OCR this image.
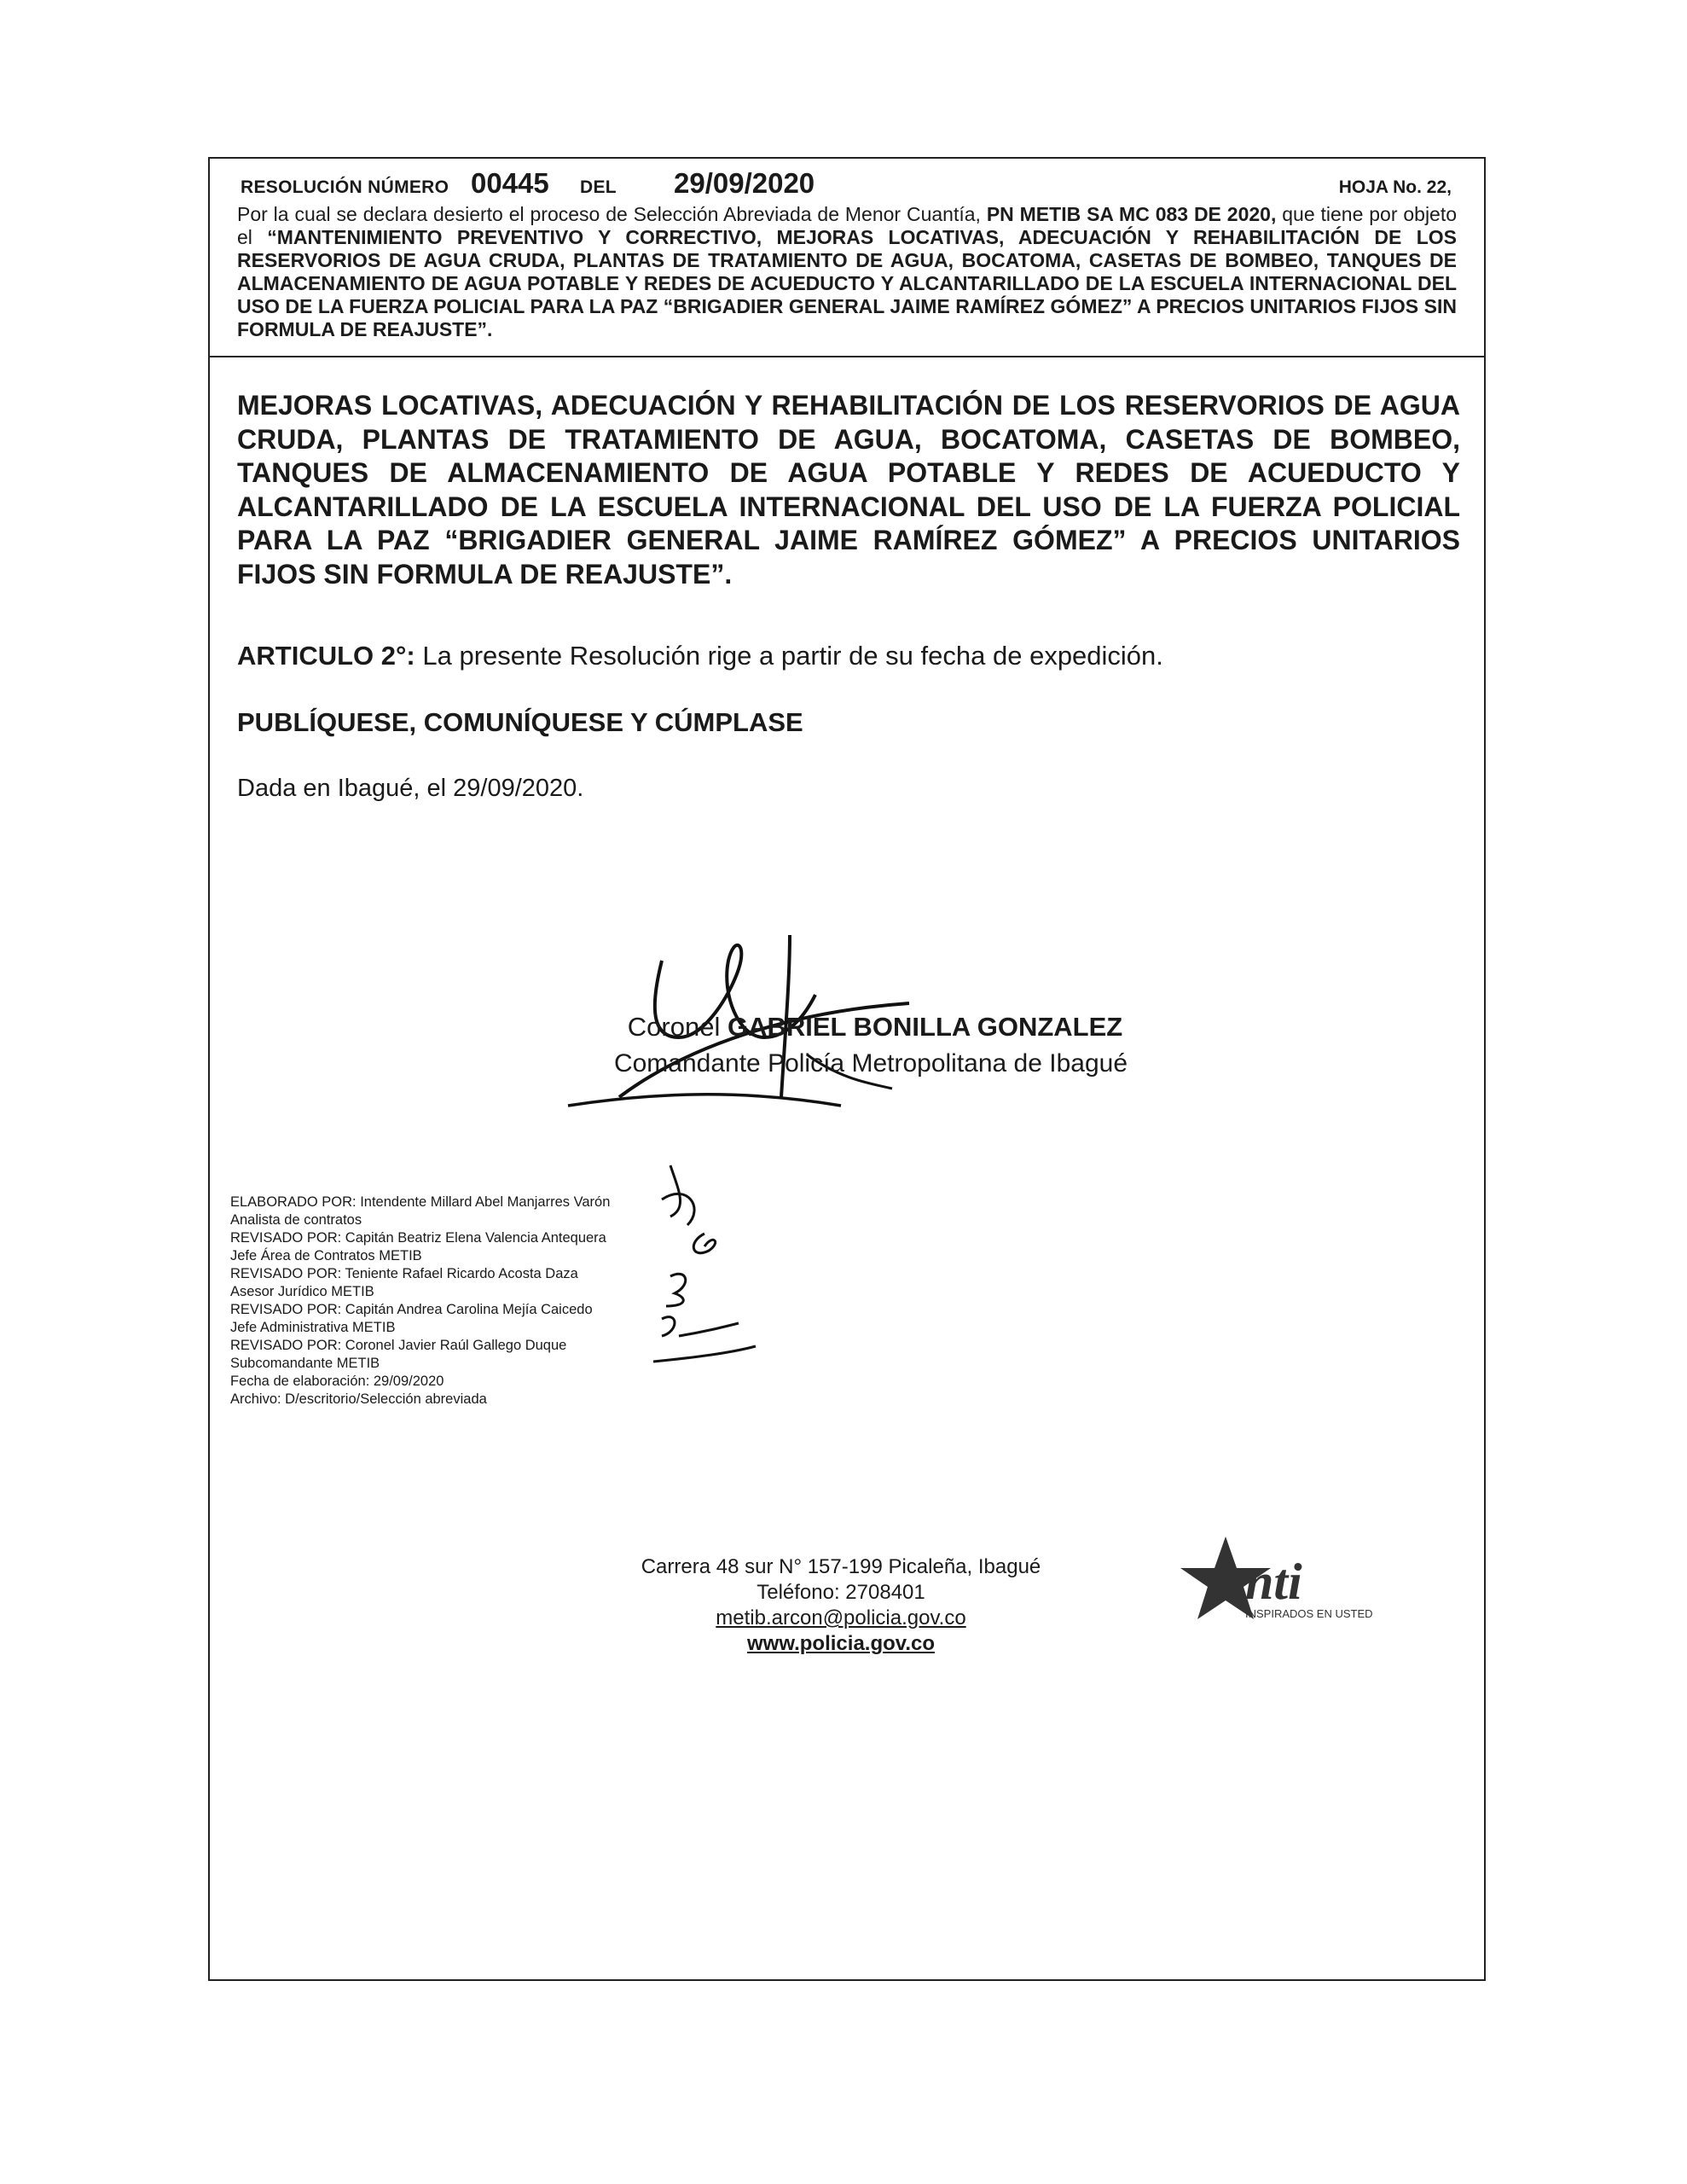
RESOLUCIÓN NÚMERO 00445 DEL 29/09/2020	HOJA No. 22,
Por la cual se declara desierto el proceso de Selección Abreviada de Menor Cuantía, PN METIB SA MC 083 DE 2020, que tiene por objeto el “MANTENIMIENTO PREVENTIVO Y CORRECTIVO, MEJORAS LOCATIVAS, ADECUACIÓN Y REHABILITACIÓN DE LOS RESERVORIOS DE AGUA CRUDA, PLANTAS DE TRATAMIENTO DE AGUA, BOCATOMA, CASETAS DE BOMBEO, TANQUES DE ALMACENAMIENTO DE AGUA POTABLE Y REDES DE ACUEDUCTO Y ALCANTARILLADO DE LA ESCUELA INTERNACIONAL DEL USO DE LA FUERZA POLICIAL PARA LA PAZ “BRIGADIER GENERAL JAIME RAMÍREZ GÓMEZ” A PRECIOS UNITARIOS FIJOS SIN FORMULA DE REAJUSTE”.
MEJORAS LOCATIVAS, ADECUACIÓN Y REHABILITACIÓN DE LOS RESERVORIOS DE AGUA CRUDA, PLANTAS DE TRATAMIENTO DE AGUA, BOCATOMA, CASETAS DE BOMBEO, TANQUES DE ALMACENAMIENTO DE AGUA POTABLE Y REDES DE ACUEDUCTO Y ALCANTARILLADO DE LA ESCUELA INTERNACIONAL DEL USO DE LA FUERZA POLICIAL PARA LA PAZ “BRIGADIER GENERAL JAIME RAMÍREZ GÓMEZ” A PRECIOS UNITARIOS FIJOS SIN FORMULA DE REAJUSTE”.
ARTICULO 2°: La presente Resolución rige a partir de su fecha de expedición.
PUBLÍQUESE, COMUNÍQUESE Y CÚMPLASE
Dada en Ibagué, el 29/09/2020.
Coronel GABRIEL BONILLA GONZALEZ
Comandante Policía Metropolitana de Ibagué
ELABORADO POR: Intendente Millard Abel Manjarres Varón
Analista de contratos
REVISADO POR: Capitán Beatriz Elena Valencia Antequera
Jefe Área de Contratos METIB
REVISADO POR: Teniente Rafael Ricardo Acosta Daza
Asesor Jurídico METIB
REVISADO POR: Capitán Andrea Carolina Mejía Caicedo
Jefe Administrativa METIB
REVISADO POR: Coronel Javier Raúl Gallego Duque
Subcomandante METIB
Fecha de elaboración: 29/09/2020
Archivo: D/escritorio/Selección abreviada
Carrera 48 sur N° 157-199 Picaleña, Ibagué
Teléfono: 2708401
metib.arcon@policia.gov.co
www.policia.gov.co
nti
INSPIRADOS EN USTED
